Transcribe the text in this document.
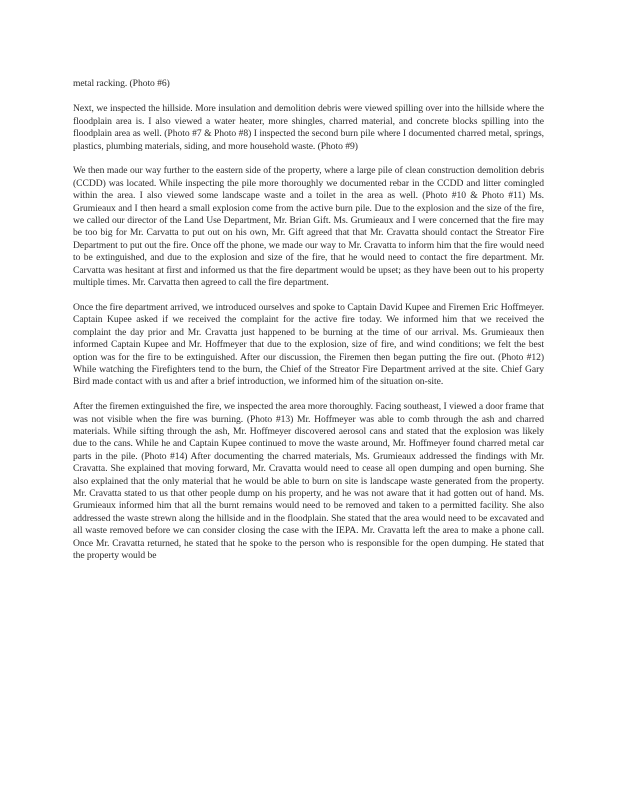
metal racking. (Photo #6)

Next, we inspected the hillside. More insulation and demolition debris were viewed spilling over into the hillside where the floodplain area is. I also viewed a water heater, more shingles, charred material, and concrete blocks spilling into the floodplain area as well. (Photo #7 & Photo #8) I inspected the second burn pile where I documented charred metal, springs, plastics, plumbing materials, siding, and more household waste. (Photo #9)

We then made our way further to the eastern side of the property, where a large pile of clean construction demolition debris (CCDD) was located. While inspecting the pile more thoroughly we documented rebar in the CCDD and litter comingled within the area. I also viewed some landscape waste and a toilet in the area as well. (Photo #10 & Photo #11) Ms. Grumieaux and I then heard a small explosion come from the active burn pile. Due to the explosion and the size of the fire, we called our director of the Land Use Department, Mr. Brian Gift. Ms. Grumieaux and I were concerned that the fire may be too big for Mr. Carvatta to put out on his own, Mr. Gift agreed that that Mr. Cravatta should contact the Streator Fire Department to put out the fire. Once off the phone, we made our way to Mr. Cravatta to inform him that the fire would need to be extinguished, and due to the explosion and size of the fire, that he would need to contact the fire department. Mr. Carvatta was hesitant at first and informed us that the fire department would be upset; as they have been out to his property multiple times. Mr. Carvatta then agreed to call the fire department.

Once the fire department arrived, we introduced ourselves and spoke to Captain David Kupee and Firemen Eric Hoffmeyer. Captain Kupee asked if we received the complaint for the active fire today. We informed him that we received the complaint the day prior and Mr. Cravatta just happened to be burning at the time of our arrival. Ms. Grumieaux then informed Captain Kupee and Mr. Hoffmeyer that due to the explosion, size of fire, and wind conditions; we felt the best option was for the fire to be extinguished. After our discussion, the Firemen then began putting the fire out. (Photo #12) While watching the Firefighters tend to the burn, the Chief of the Streator Fire Department arrived at the site. Chief Gary Bird made contact with us and after a brief introduction, we informed him of the situation on-site.

After the firemen extinguished the fire, we inspected the area more thoroughly. Facing southeast, I viewed a door frame that was not visible when the fire was burning. (Photo #13) Mr. Hoffmeyer was able to comb through the ash and charred materials. While sifting through the ash, Mr. Hoffmeyer discovered aerosol cans and stated that the explosion was likely due to the cans. While he and Captain Kupee continued to move the waste around, Mr. Hoffmeyer found charred metal car parts in the pile. (Photo #14) After documenting the charred materials, Ms. Grumieaux addressed the findings with Mr. Cravatta. She explained that moving forward, Mr. Cravatta would need to cease all open dumping and open burning. She also explained that the only material that he would be able to burn on site is landscape waste generated from the property. Mr. Cravatta stated to us that other people dump on his property, and he was not aware that it had gotten out of hand. Ms. Grumieaux informed him that all the burnt remains would need to be removed and taken to a permitted facility. She also addressed the waste strewn along the hillside and in the floodplain. She stated that the area would need to be excavated and all waste removed before we can consider closing the case with the IEPA. Mr. Cravatta left the area to make a phone call. Once Mr. Cravatta returned, he stated that he spoke to the person who is responsible for the open dumping. He stated that the property would be
